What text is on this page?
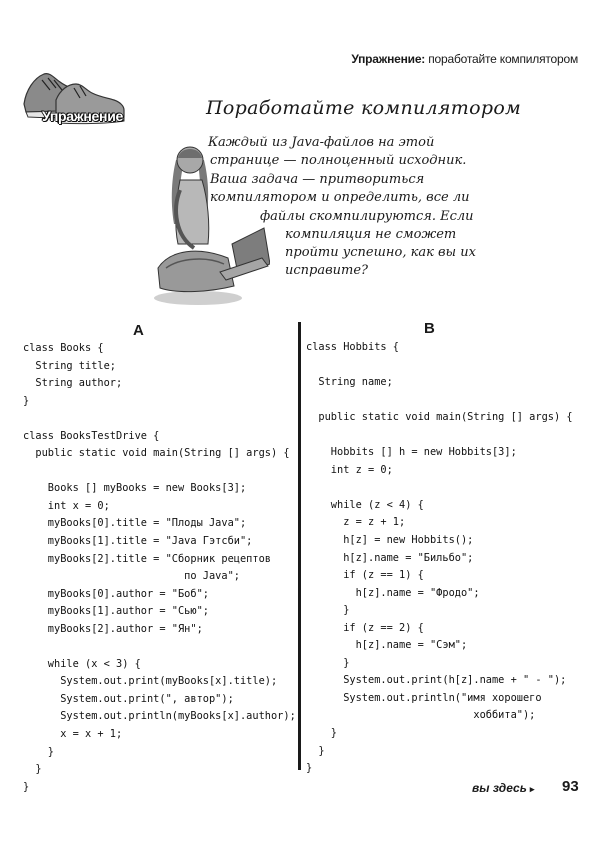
Упражнение: поработайте компилятором
Упражнение	Поработайте компилятором
Каждый из Java-файлов на этой
странице — полноценный исходник.
Ваша задача — притвориться
компилятором и определить, все ли
файлы скомпилируются. Если
компиляция не сможет
пройти успешно, как вы их
исправите?
A	B
class Books {
String title;
String author;
}

class BooksTestDrive {
public static void main(String [] args) {

Books [] myBooks = new Books[3];
int x = 0;
myBooks[0].title = "Плоды Java";
myBooks[1].title = "Java Гэтсби";
myBooks[2].title = "Сборник рецептов
по Java";
myBooks[0].author = "Боб";
myBooks[1].author = "Сью";
myBooks[2].author = "Ян";

while (x < 3) {
System.out.print(myBooks[x].title);
System.out.print(", автор");
System.out.println(myBooks[x].author);
x = x + 1;
}
}
}
class Hobbits {

String name;

public static void main(String [] args) {

Hobbits [] h = new Hobbits[3];
int z = 0;

while (z < 4) {
z = z + 1;
h[z] = new Hobbits();
h[z].name = "Бильбо";
if (z == 1) {
h[z].name = "Фродо";
}
if (z == 2) {
h[z].name = "Сэм";
}
System.out.print(h[z].name + " - ");
System.out.println("имя хорошего
хоббита");
}
}
}
вы здесь ▸ 93
